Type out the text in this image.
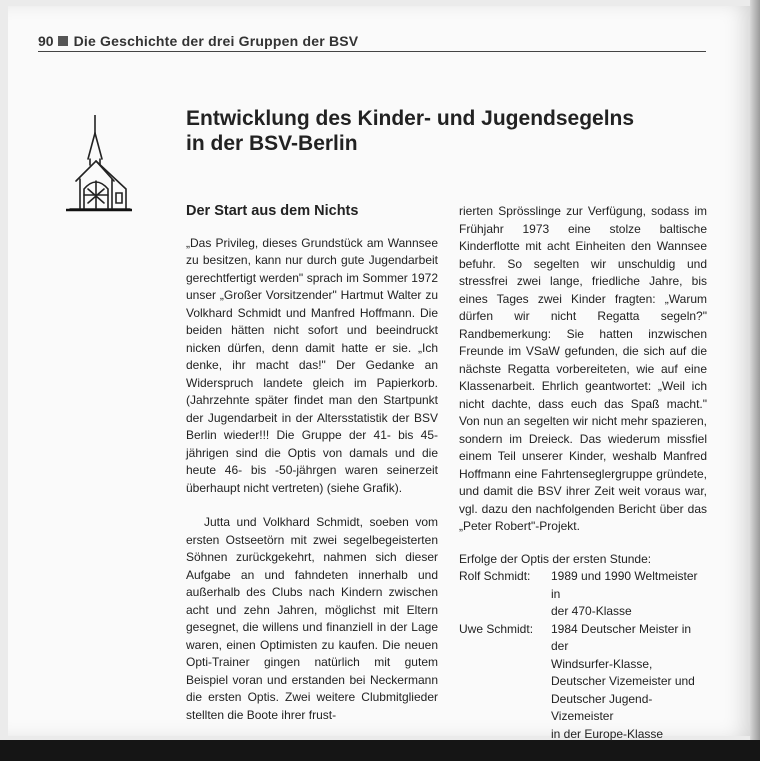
90 Die Geschichte der drei Gruppen der BSV
Entwicklung des Kinder- und Jugendsegelns
in der BSV-Berlin

Der Start aus dem Nichts

„Das Privileg, dieses Grundstück am Wannsee zu besitzen, kann nur durch gute Jugendarbeit gerechtfertigt werden" sprach im Sommer 1972 unser „Großer Vorsitzender" Hartmut Walter zu Volkhard Schmidt und Manfred Hoffmann. Die beiden hätten nicht sofort und beeindruckt nicken dürfen, denn damit hatte er sie. „Ich denke, ihr macht das!" Der Gedanke an Widerspruch landete gleich im Papierkorb. (Jahrzehnte später findet man den Startpunkt der Jugendarbeit in der Altersstatistik der BSV Berlin wieder!!! Die Gruppe der 41- bis 45-jährigen sind die Optis von damals und die heute 46- bis -50-jährgen waren seinerzeit überhaupt nicht vertreten) (siehe Grafik).

Jutta und Volkhard Schmidt, soeben vom ersten Ostseetörn mit zwei segelbegeisterten Söhnen zurückgekehrt, nahmen sich dieser Aufgabe an und fahndeten innerhalb und außerhalb des Clubs nach Kindern zwischen acht und zehn Jahren, möglichst mit Eltern gesegnet, die willens und finanziell in der Lage waren, einen Optimisten zu kaufen. Die neuen Opti-Trainer gingen natürlich mit gutem Beispiel voran und erstanden bei Neckermann die ersten Optis. Zwei weitere Clubmitglieder stellten die Boote ihrer frust-

rierten Sprösslinge zur Verfügung, sodass im Frühjahr 1973 eine stolze baltische Kinderflotte mit acht Einheiten den Wannsee befuhr. So segelten wir unschuldig und stressfrei zwei lange, friedliche Jahre, bis eines Tages zwei Kinder fragten: „Warum dürfen wir nicht Regatta segeln?" Randbemerkung: Sie hatten inzwischen Freunde im VSaW gefunden, die sich auf die nächste Regatta vorbereiteten, wie auf eine Klassenarbeit. Ehrlich geantwortet: „Weil ich nicht dachte, dass euch das Spaß macht." Von nun an segelten wir nicht mehr spazieren, sondern im Dreieck. Das wiederum missfiel einem Teil unserer Kinder, weshalb Manfred Hoffmann eine Fahrtenseglergruppe gründete, und damit die BSV ihrer Zeit weit voraus war, vgl. dazu den nachfolgenden Bericht über das „Peter Robert"-Projekt.

Erfolge der Optis der ersten Stunde:
Rolf Schmidt:	1989 und 1990 Weltmeister in
der 470-Klasse
Uwe Schmidt:	1984 Deutscher Meister in der
Windsurfer-Klasse,
Deutscher Vizemeister und
Deutscher Jugend-Vizemeister
in der Europe-Klasse
